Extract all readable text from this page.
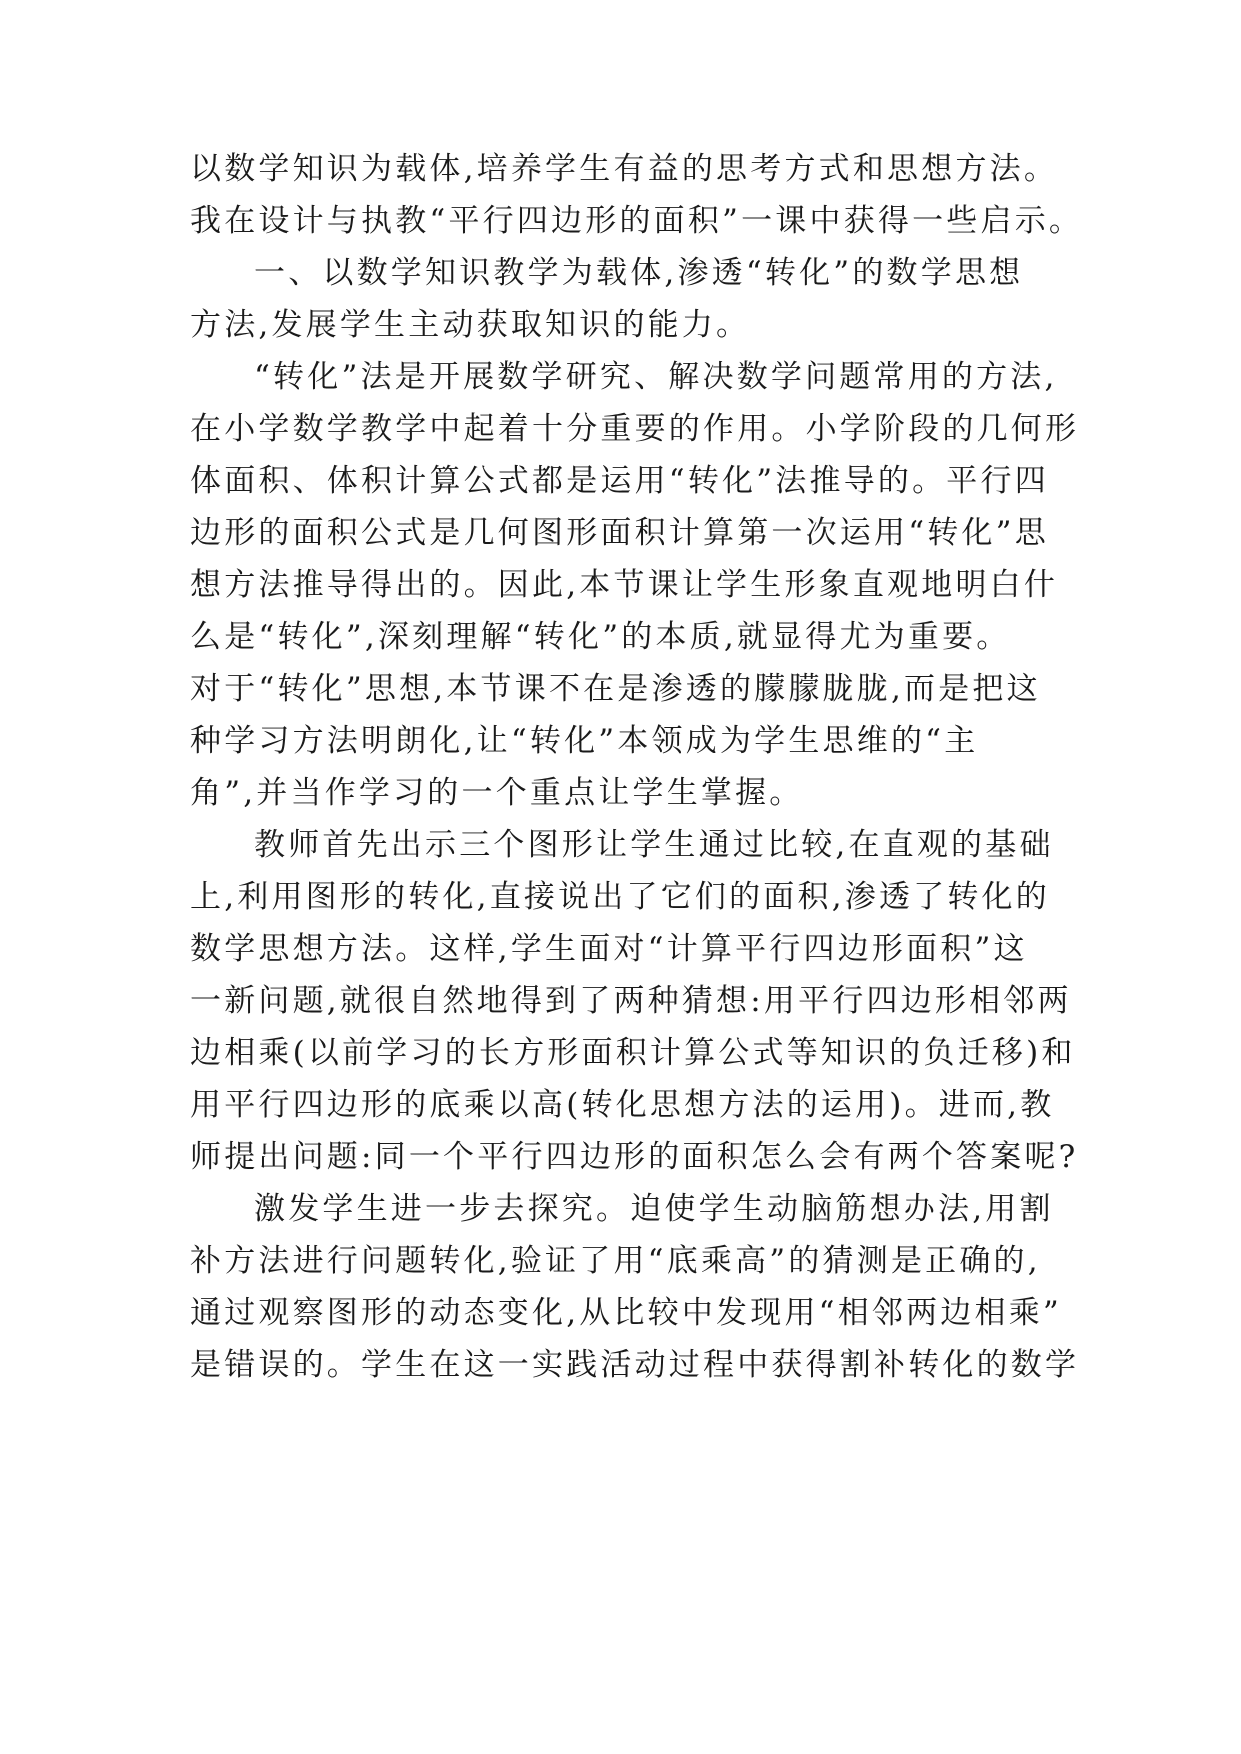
以数学知识为载体,培养学生有益的思考方式和思想方法。
我在设计与执教“平行四边形的面积”一课中获得一些启示。
一、以数学知识教学为载体,渗透“转化”的数学思想
方法,发展学生主动获取知识的能力。
“转化”法是开展数学研究、解决数学问题常用的方法,
在小学数学教学中起着十分重要的作用。小学阶段的几何形
体面积、体积计算公式都是运用“转化”法推导的。平行四
边形的面积公式是几何图形面积计算第一次运用“转化”思
想方法推导得出的。因此,本节课让学生形象直观地明白什
么是“转化”,深刻理解“转化”的本质,就显得尤为重要。
对于“转化”思想,本节课不在是渗透的朦朦胧胧,而是把这
种学习方法明朗化,让“转化”本领成为学生思维的“主
角”,并当作学习的一个重点让学生掌握。
教师首先出示三个图形让学生通过比较,在直观的基础
上,利用图形的转化,直接说出了它们的面积,渗透了转化的
数学思想方法。这样,学生面对“计算平行四边形面积”这
一新问题,就很自然地得到了两种猜想:用平行四边形相邻两
边相乘(以前学习的长方形面积计算公式等知识的负迁移)和
用平行四边形的底乘以高(转化思想方法的运用)。进而,教
师提出问题:同一个平行四边形的面积怎么会有两个答案呢?
激发学生进一步去探究。迫使学生动脑筋想办法,用割
补方法进行问题转化,验证了用“底乘高”的猜测是正确的,
通过观察图形的动态变化,从比较中发现用“相邻两边相乘”
是错误的。学生在这一实践活动过程中获得割补转化的数学
